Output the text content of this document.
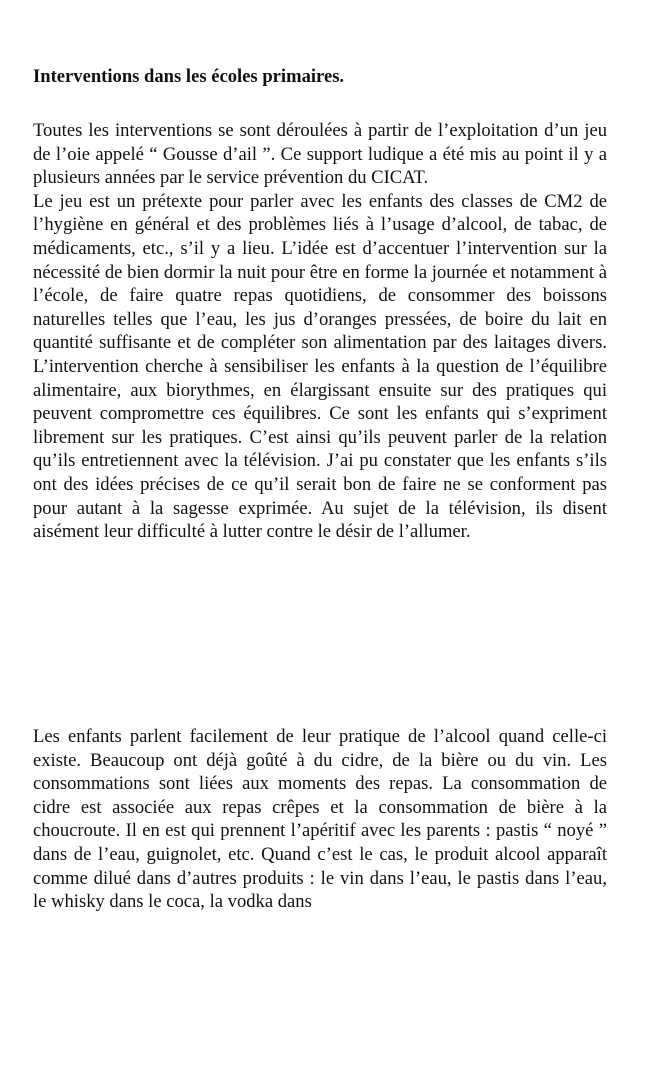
Interventions dans les écoles primaires.

Toutes les interventions se sont déroulées à partir de l’exploitation d’un jeu de l’oie appelé “ Gousse d’ail ”. Ce support ludique a été mis au point il y a plusieurs années par le service prévention du CICAT.

Le jeu est un prétexte pour parler avec les enfants des classes de CM2 de l’hygiène en général et des problèmes liés à l’usage d’alcool, de tabac, de médicaments, etc., s’il y a lieu. L’idée est d’accentuer l’intervention sur la nécessité de bien dormir la nuit pour être en forme la journée et notamment à l’école, de faire quatre repas quotidiens, de consommer des boissons naturelles telles que l’eau, les jus d’oranges pressées, de boire du lait en quantité suffisante et de compléter son alimentation par des laitages divers. L’intervention cherche à sensibiliser les enfants à la question de l’équilibre alimentaire, aux biorythmes, en élargissant ensuite sur des pratiques qui peuvent compromettre ces équilibres. Ce sont les enfants qui s’expriment librement sur les pratiques. C’est ainsi qu’ils peuvent parler de la relation qu’ils entretiennent avec la télévision. J’ai pu constater que les enfants s’ils ont des idées précises de ce qu’il serait bon de faire ne se conforment pas pour autant à la sagesse exprimée. Au sujet de la télévision, ils disent aisément leur difficulté à lutter contre le désir de l’allumer.

Les enfants parlent facilement de leur pratique de l’alcool quand celle-ci existe. Beaucoup ont déjà goûté à du cidre, de la bière ou du vin. Les consommations sont liées aux moments des repas. La consommation de cidre est associée aux repas crêpes et la consommation de bière à la choucroute. Il en est qui prennent l’apéritif avec les parents : pastis “ noyé ” dans de l’eau, guignolet, etc. Quand c’est le cas, le produit alcool apparaît comme dilué dans d’autres produits : le vin dans l’eau, le pastis dans l’eau, le whisky dans le coca, la vodka dans
